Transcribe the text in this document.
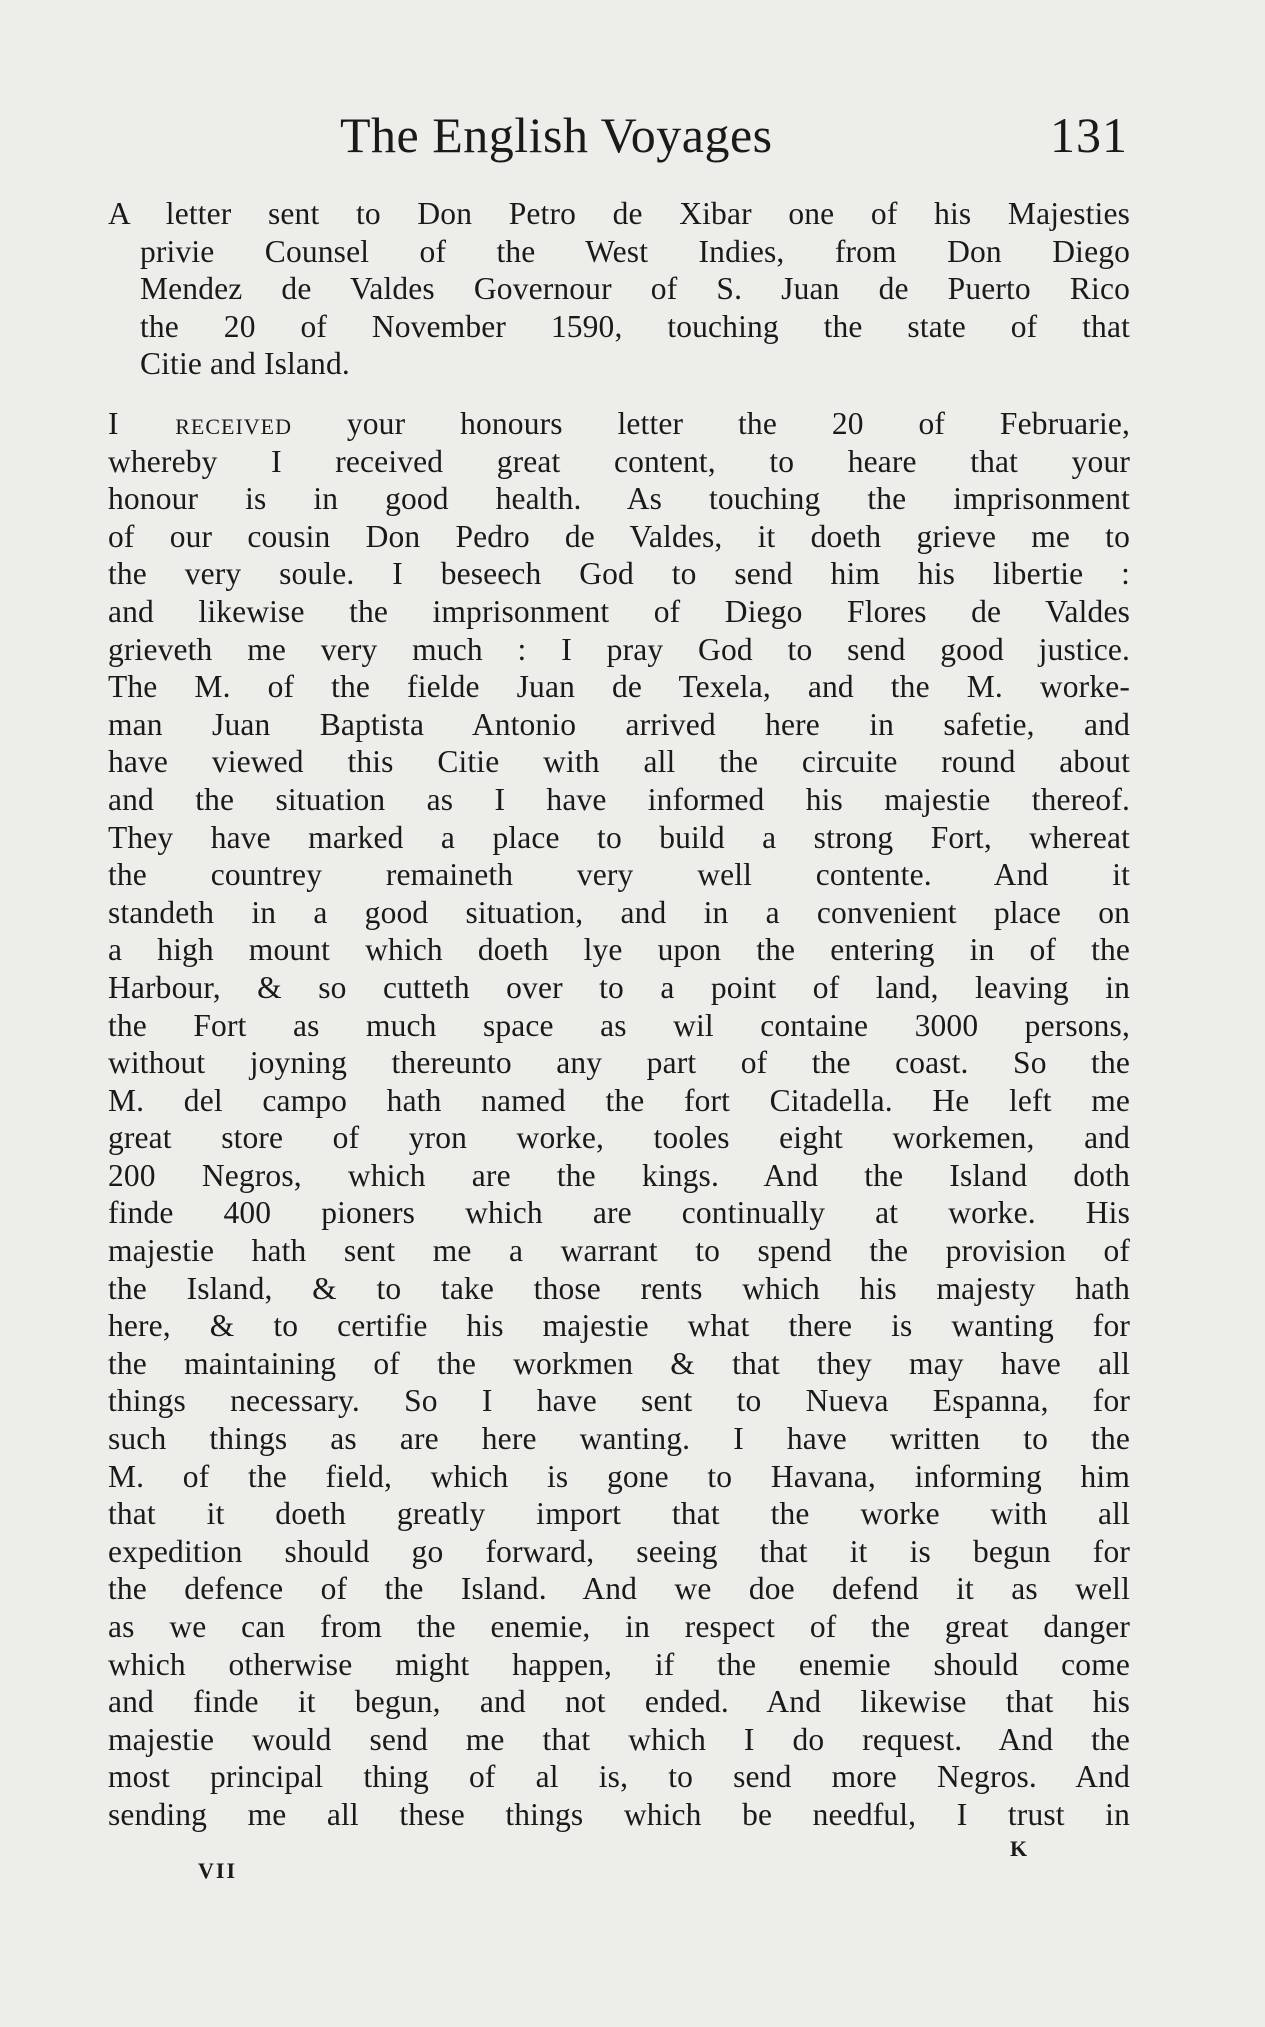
The English Voyages	131
A letter sent to Don Petro de Xibar one of his Majesties
privie Counsel of the West Indies, from Don Diego
Mendez de Valdes Governour of S. Juan de Puerto Rico
the 20 of November 1590, touching the state of that
Citie and Island.
I received your honours letter the 20 of Februarie,
whereby I received great content, to heare that your
honour is in good health. As touching the imprisonment
of our cousin Don Pedro de Valdes, it doeth grieve me to
the very soule. I beseech God to send him his libertie :
and likewise the imprisonment of Diego Flores de Valdes
grieveth me very much : I pray God to send good justice.
The M. of the fielde Juan de Texela, and the M. worke-
man Juan Baptista Antonio arrived here in safetie, and
have viewed this Citie with all the circuite round about
and the situation as I have informed his majestie thereof.
They have marked a place to build a strong Fort, whereat
the countrey remaineth very well contente. And it
standeth in a good situation, and in a convenient place on
a high mount which doeth lye upon the entering in of the
Harbour, & so cutteth over to a point of land, leaving in
the Fort as much space as wil containe 3000 persons,
without joyning thereunto any part of the coast. So the
M. del campo hath named the fort Citadella. He left me
great store of yron worke, tooles eight workemen, and
200 Negros, which are the kings. And the Island doth
finde 400 pioners which are continually at worke. His
majestie hath sent me a warrant to spend the provision of
the Island, & to take those rents which his majesty hath
here, & to certifie his majestie what there is wanting for
the maintaining of the workmen & that they may have all
things necessary. So I have sent to Nueva Espanna, for
such things as are here wanting. I have written to the
M. of the field, which is gone to Havana, informing him
that it doeth greatly import that the worke with all
expedition should go forward, seeing that it is begun for
the defence of the Island. And we doe defend it as well
as we can from the enemie, in respect of the great danger
which otherwise might happen, if the enemie should come
and finde it begun, and not ended. And likewise that his
majestie would send me that which I do request. And the
most principal thing of al is, to send more Negros. And
sending me all these things which be needful, I trust in
VII
K
